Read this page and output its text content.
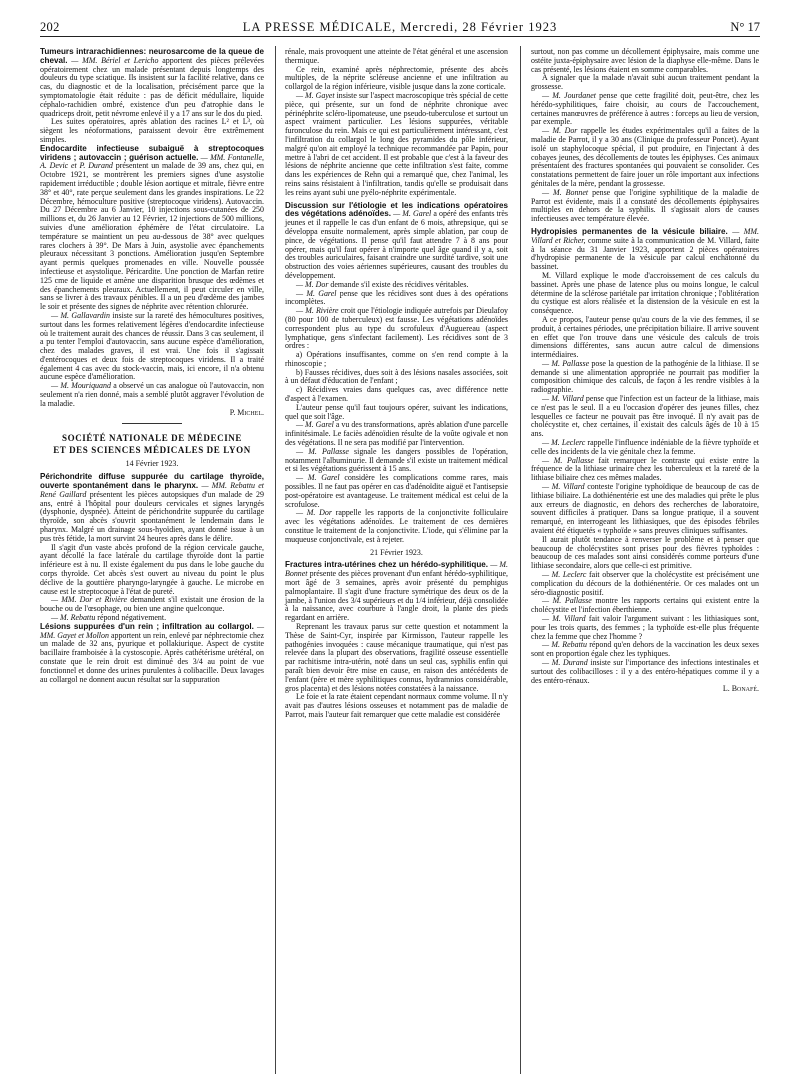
202	LA PRESSE MÉDICALE, Mercredi, 28 Février 1923	N° 17

Tumeurs intrarachidiennes: neurosarcome de la queue de cheval. — MM. Bériel et Lericho apportent des pièces prélevées opératoirement chez un malade présentant depuis longtemps des douleurs du type sciatique. Ils insistent sur la facilité relative, dans ce cas, du diagnostic et de la localisation, précisément parce que la symptomatologie était réduite : pas de déficit médullaire, liquide céphalo-rachidien ombré, existence d'un peu d'atrophie dans le quadriceps droit, petit névrome enlevé il y a 17 ans sur le dos du pied.

Les suites opératoires, après ablation des racines L² et L³, où siègent les néoformations, paraissent devoir être extrêmement simples.

Endocardite infectieuse subaiguë à streptocoques viridens ; autovaccin ; guérison actuelle. — MM. Fontanelle, A. Devic et P. Durand présentent un malade de 39 ans, chez qui, en Octobre 1921, se montrèrent les premiers signes d'une asystolie rapidement irréductible ; double lésion aortique et mitrale, fièvre entre 38° et 40°, rate perçue seulement dans les grandes inspirations. Le 22 Décembre, hémoculture positive (streptocoque viridens). Autovaccin. Du 27 Décembre au 6 Janvier, 10 injections sous-cutanées de 250 millions et, du 26 Janvier au 12 Février, 12 injections de 500 millions, suivies d'une amélioration éphémère de l'état circulatoire. La température se maintient un peu au-dessous de 38° avec quelques rares clochers à 39°. De Mars à Juin, asystolie avec épanchements pleuraux nécessitant 3 ponctions. Amélioration jusqu'en Septembre ayant permis quelques promenades en ville. Nouvelle poussée infectieuse et asystolique. Péricardite. Une ponction de Marfan retire 125 cme de liquide et amène une disparition brusque des œdèmes et des épanchements pleuraux. Actuellement, il peut circuler en ville, sans se livrer à des travaux pénibles. Il a un peu d'œdème des jambes le soir et présente des signes de néphrite avec rétention chlorurée.

— M. Gallavardin insiste sur la rareté des hémocultures positives, surtout dans les formes relativement légères d'endocardite infectieuse où le traitement aurait des chances de réussir. Dans 3 cas seulement, il a pu tenter l'emploi d'autovaccin, sans aucune espèce d'amélioration, chez des malades graves, il est vrai. Une fois il s'agissait d'entérocoques et deux fois de streptocoques viridens. Il a traité également 4 cas avec du stock-vaccin, mais, ici encore, il n'a obtenu aucune espèce d'amélioration.

— M. Mouriquand a observé un cas analogue où l'autovaccin, non seulement n'a rien donné, mais a semblé plutôt aggraver l'évolution de la maladie.

P. Michel.

SOCIÉTÉ NATIONALE DE MÉDECINE
ET DES SCIENCES MÉDICALES DE LYON

14 Février 1923.

Périchondrite diffuse suppurée du cartilage thyroïde, ouverte spontanément dans le pharynx. — MM. Rebattu et René Gaillard présentent les pièces autopsiques d'un malade de 29 ans, entré à l'hôpital pour douleurs cervicales et signes laryngés (dysphonie, dyspnée). Atteint de périchondrite suppurée du cartilage thyroïde, son abcès s'ouvrit spontanément le lendemain dans le pharynx. Malgré un drainage sous-hyoïdien, ayant donné issue à un pus très fétide, la mort survint 24 heures après dans le délire.

Il s'agit d'un vaste abcès profond de la région cervicale gauche, ayant décollé la face latérale du cartilage thyroïde dont la partie inférieure est à nu. Il existe également du pus dans le lobe gauche du corps thyroïde. Cet abcès s'est ouvert au niveau du point le plus déclive de la gouttière pharyngo-laryngée à gauche. Le microbe en cause est le streptocoque à l'état de pureté.

— MM. Dor et Rivière demandent s'il existait une érosion de la bouche ou de l'œsophage, ou bien une angine quelconque.

— M. Rebattu répond négativement.

Lésions suppurées d'un rein ; infiltration au collargol. — MM. Gayet et Mollon apportent un rein, enlevé par néphrectomie chez un malade de 32 ans, pyurique et pollakiurique. Aspect de cystite bacillaire framboisée à la cystoscopie. Après cathétérisme urétéral, on constate que le rein droit est diminué des 3/4 au point de vue fonctionnel et donne des urines purulentes à colibacille. Deux lavages au collargol ne donnent aucun résultat sur la suppuration

rénale, mais provoquent une atteinte de l'état général et une ascension thermique.

Ce rein, examiné après néphrectomie, présente des abcès multiples, de la néprite scléreuse ancienne et une infiltration au collargol de la région inférieure, visible jusque dans la zone corticale.

— M. Gayet insiste sur l'aspect macroscopique très spécial de cette pièce, qui présente, sur un fond de néphrite chronique avec périnéphrite scléro-lipomateuse, une pseudo-tuberculose et surtout un aspect vraiment particulier. Les lésions suppurées, véritable furonculose du rein. Mais ce qui est particulièrement intéressant, c'est l'infiltration du collargol le long des pyramides du pôle inférieur, malgré qu'on ait employé la technique recommandée par Papin, pour mettre à l'abri de cet accident. Il est probable que c'est à la faveur des lésions de néphrite ancienne que cette infiltration s'est faite, comme dans les expériences de Rehn qui a remarqué que, chez l'animal, les reins sains résistaient à l'infiltration, tandis qu'elle se produisait dans les reins ayant subi une pyélo-néphrite expérimentale.

Discussion sur l'étiologie et les indications opératoires des végétations adénoïdes. — M. Garel a opéré des enfants très jeunes et il rappelle le cas d'un enfant de 6 mois, athrepsique, qui se développa ensuite normalement, après simple ablation, par coup de pince, de végétations. Il pense qu'il faut attendre 7 à 8 ans pour opérer, mais qu'il faut opérer à n'importe quel âge quand il y a, soit des troubles auriculaires, faisant craindre une surdité tardive, soit une obstruction des voies aériennes supérieures, causant des troubles du développement.

— M. Dor demande s'il existe des récidives véritables.

— M. Garel pense que les récidives sont dues à des opérations incomplètes.

— M. Rivière croit que l'étiologie indiquée autrefois par Dieulafoy (80 pour 100 de tuberculeux) est fausse. Les végétations adénoïdes correspondent plus au type du scrofuleux d'Auguereau (aspect lymphatique, gens s'infectant facilement). Les récidives sont de 3 ordres :

a) Opérations insuffisantes, comme on s'en rend compte à la rhinoscopie ;

b) Fausses récidives, dues soit à des lésions nasales associées, soit à un défaut d'éducation de l'enfant ;

c) Récidives vraies dans quelques cas, avec différence nette d'aspect à l'examen.

L'auteur pense qu'il faut toujours opérer, suivant les indications, quel que soit l'âge.

— M. Garel a vu des transformations, après ablation d'une parcelle infinitésimale. Le faciès adénoïdien résulte de la voûte ogivale et non des végétations. Il ne sera pas modifié par l'intervention.

— M. Pallasse signale les dangers possibles de l'opération, notamment l'albuminurie. Il demande s'il existe un traitement médical et si les végétations guérissent à 15 ans.

— M. Garel considère les complications comme rares, mais possibles. Il ne faut pas opérer en cas d'adénoïdite aiguë et l'antisepsie post-opératoire est avantageuse. Le traitement médical est celui de la scrofulose.

— M. Dor rappelle les rapports de la conjonctivite folliculaire avec les végétations adénoïdes. Le traitement de ces dernières constitue le traitement de la conjonctivite. L'iode, qui s'élimine par la muqueuse conjonctivale, est à rejeter.

21 Février 1923.

Fractures intra-utérines chez un hérédo-syphilitique. — M. Bonnet présente des pièces provenant d'un enfant hérédo-syphilitique, mort âgé de 3 semaines, après avoir présenté du pemphigus palmoplantaire. Il s'agit d'une fracture symétrique des deux os de la jambe, à l'union des 3/4 supérieurs et du 1/4 inférieur, déjà consolidée à la naissance, avec courbure à l'angle droit, la plante des pieds regardant en arrière.

Reprenant les travaux parus sur cette question et notamment la Thèse de Saint-Cyr, inspirée par Kirmisson, l'auteur rappelle les pathogénies invoquées : cause mécanique traumatique, qui n'est pas relevée dans la plupart des observations, fragilité osseuse essentielle par rachitisme intra-utérin, noté dans un seul cas, syphilis enfin qui paraît bien devoir être mise en cause, en raison des antécédents de l'enfant (père et mère syphilitiques connus, hydramnios considérable, gros placenta) et des lésions notées constatées à la naissance.

Le foie et la rate étaient cependant normaux comme volume. Il n'y avait pas d'autres lésions osseuses et notamment pas de maladie de Parrot, mais l'auteur fait remarquer que cette maladie est considérée

surtout, non pas comme un décollement épiphysaire, mais comme une ostéite juxta-épiphysaire avec lésion de la diaphyse elle-même. Dans le cas présenté, les lésions étaient en somme comparables.

A signaler que la malade n'avait subi aucun traitement pendant la grossesse.

— M. Jourdanet pense que cette fragilité doit, peut-être, chez les hérédo-syphilitiques, faire choisir, au cours de l'accouchement, certaines manœuvres de préférence à autres : forceps au lieu de version, par exemple.

— M. Dor rappelle les études expérimentales qu'il a faites de la maladie de Parrot, il y a 30 ans (Clinique du professeur Poncet). Ayant isolé un staphylocoque spécial, il put produire, en l'injectant à des cobayes jeunes, des décollements de toutes les épiphyses. Ces animaux présentaient des fractures spontanées qui pouvaient se consolider. Ces constatations permettent de faire jouer un rôle important aux infections génitales de la mère, pendant la grossesse.

— M. Bonnet pense que l'origine syphilitique de la maladie de Parrot est évidente, mais il a constaté des décollements épiphysaires multiples en dehors de la syphilis. Il s'agissait alors de causes infectieuses avec température élevée.

Hydropisies permanentes de la vésicule biliaire. — MM. Villard et Richer, comme suite à la communication de M. Villard, faite à la séance du 31 Janvier 1923, apportent 2 pièces opératoires d'hydropisie permanente de la vésicule par calcul enchâtonné du bassinet.

M. Villard explique le mode d'accroissement de ces calculs du bassinet. Après une phase de latence plus ou moins longue, le calcul détermine de la sclérose pariétale par irritation chronique ; l'oblitération du cystique est alors réalisée et la distension de la vésicule en est la conséquence.

A ce propos, l'auteur pense qu'au cours de la vie des femmes, il se produit, à certaines périodes, une précipitation biliaire. Il arrive souvent en effet que l'on trouve dans une vésicule des calculs de trois dimensions différentes, sans aucun autre calcul de dimensions intermédiaires.

— M. Pallasse pose la question de la pathogénie de la lithiase. Il se demande si une alimentation appropriée ne pourrait pas modifier la composition chimique des calculs, de façon à les rendre visibles à la radiographie.

— M. Villard pense que l'infection est un facteur de la lithiase, mais ce n'est pas le seul. Il a eu l'occasion d'opérer des jeunes filles, chez lesquelles ce facteur ne pouvait pas être invoqué. Il n'y avait pas de cholécystite et, chez certaines, il existait des calculs âgés de 10 à 15 ans.

— M. Leclerc rappelle l'influence indéniable de la fièvre typhoïde et celle des incidents de la vie génitale chez la femme.

— M. Pallasse fait remarquer le contraste qui existe entre la fréquence de la lithiase urinaire chez les tuberculeux et la rareté de la lithiase biliaire chez ces mêmes malades.

— M. Villard conteste l'origine typhoïdique de beaucoup de cas de lithiase biliaire. La dothiénentérie est une des maladies qui prête le plus aux erreurs de diagnostic, en dehors des recherches de laboratoire, souvent difficiles à pratiquer. Dans sa longue pratique, il a souvent remarqué, en interrogeant les lithiasiques, que des épisodes fébriles avaient été étiquetés « typhoïde » sans preuves cliniques suffisantes.

Il aurait plutôt tendance à renverser le problème et à penser que beaucoup de cholécystites sont prises pour des fièvres typhoïdes : beaucoup de ces malades sont ainsi considérés comme porteurs d'une lithiase secondaire, alors que celle-ci est primitive.

— M. Leclerc fait observer que la cholécystite est précisément une complication du décours de la dothiénentérie. Or ces malades ont un séro-diagnostic positif.

— M. Pallasse montre les rapports certains qui existent entre la cholécystite et l'infection éberthienne.

— M. Villard fait valoir l'argument suivant : les lithiasiques sont, pour les trois quarts, des femmes ; la typhoïde est-elle plus fréquente chez la femme que chez l'homme ?

— M. Rebattu répond qu'en dehors de la vaccination les deux sexes sont en proportion égale chez les typhiques.

— M. Durand insiste sur l'importance des infections intestinales et surtout des colibacilloses : il y a des entéro-hépatiques comme il y a des entéro-rénaux.

L. Bonafé.
